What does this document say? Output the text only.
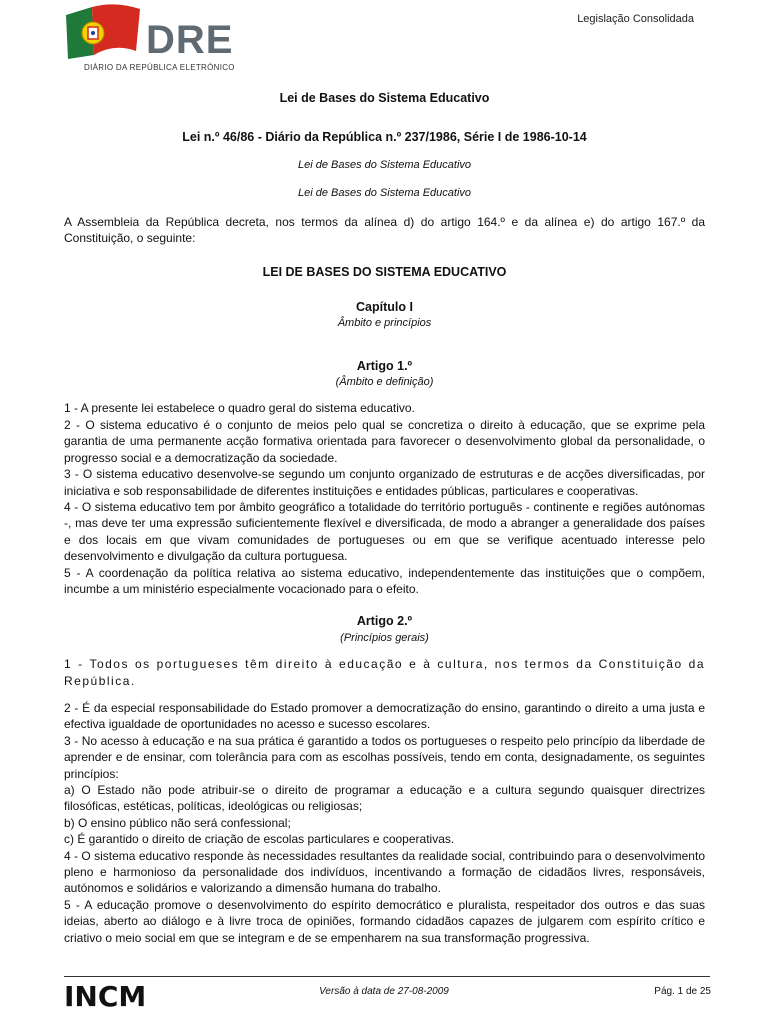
Legislação Consolidada
DRE
DIÁRIO DA REPÚBLICA ELETRÓNICO

Lei de Bases do Sistema Educativo

Lei n.º 46/86 - Diário da República n.º 237/1986, Série I de 1986-10-14

Lei de Bases do Sistema Educativo

Lei de Bases do Sistema Educativo

A Assembleia da República decreta, nos termos da alínea d) do artigo 164.º e da alínea e) do artigo 167.º da Constituição, o seguinte:

LEI DE BASES DO SISTEMA EDUCATIVO

Capítulo I

Âmbito e princípios

Artigo 1.º

(Âmbito e definição)

1 - A presente lei estabelece o quadro geral do sistema educativo.

2 - O sistema educativo é o conjunto de meios pelo qual se concretiza o direito à educação, que se exprime pela garantia de uma permanente acção formativa orientada para favorecer o desenvolvimento global da personalidade, o progresso social e a democratização da sociedade.

3 - O sistema educativo desenvolve-se segundo um conjunto organizado de estruturas e de acções diversificadas, por iniciativa e sob responsabilidade de diferentes instituições e entidades públicas, particulares e cooperativas.

4 - O sistema educativo tem por âmbito geográfico a totalidade do território português - continente e regiões autónomas -, mas deve ter uma expressão suficientemente flexível e diversificada, de modo a abranger a generalidade dos países e dos locais em que vivam comunidades de portugueses ou em que se verifique acentuado interesse pelo desenvolvimento e divulgação da cultura portuguesa.

5 - A coordenação da política relativa ao sistema educativo, independentemente das instituições que o compõem, incumbe a um ministério especialmente vocacionado para o efeito.

Artigo 2.º

(Princípios gerais)

1 - Todos os portugueses têm direito à educação e à cultura, nos termos da Constituição da República.

2 - É da especial responsabilidade do Estado promover a democratização do ensino, garantindo o direito a uma justa e efectiva igualdade de oportunidades no acesso e sucesso escolares.

3 - No acesso à educação e na sua prática é garantido a todos os portugueses o respeito pelo princípio da liberdade de aprender e de ensinar, com tolerância para com as escolhas possíveis, tendo em conta, designadamente, os seguintes princípios:

a) O Estado não pode atribuir-se o direito de programar a educação e a cultura segundo quaisquer directrizes filosóficas, estéticas, políticas, ideológicas ou religiosas;

b) O ensino público não será confessional;

c) É garantido o direito de criação de escolas particulares e cooperativas.

4 - O sistema educativo responde às necessidades resultantes da realidade social, contribuindo para o desenvolvimento pleno e harmonioso da personalidade dos indivíduos, incentivando a formação de cidadãos livres, responsáveis, autónomos e solidários e valorizando a dimensão humana do trabalho.

5 - A educação promove o desenvolvimento do espírito democrático e pluralista, respeitador dos outros e das suas ideias, aberto ao diálogo e à livre troca de opiniões, formando cidadãos capazes de julgarem com espírito crítico e criativo o meio social em que se integram e de se empenharem na sua transformação progressiva.

INCM	Versão à data de 27-08-2009	Pág. 1 de 25
